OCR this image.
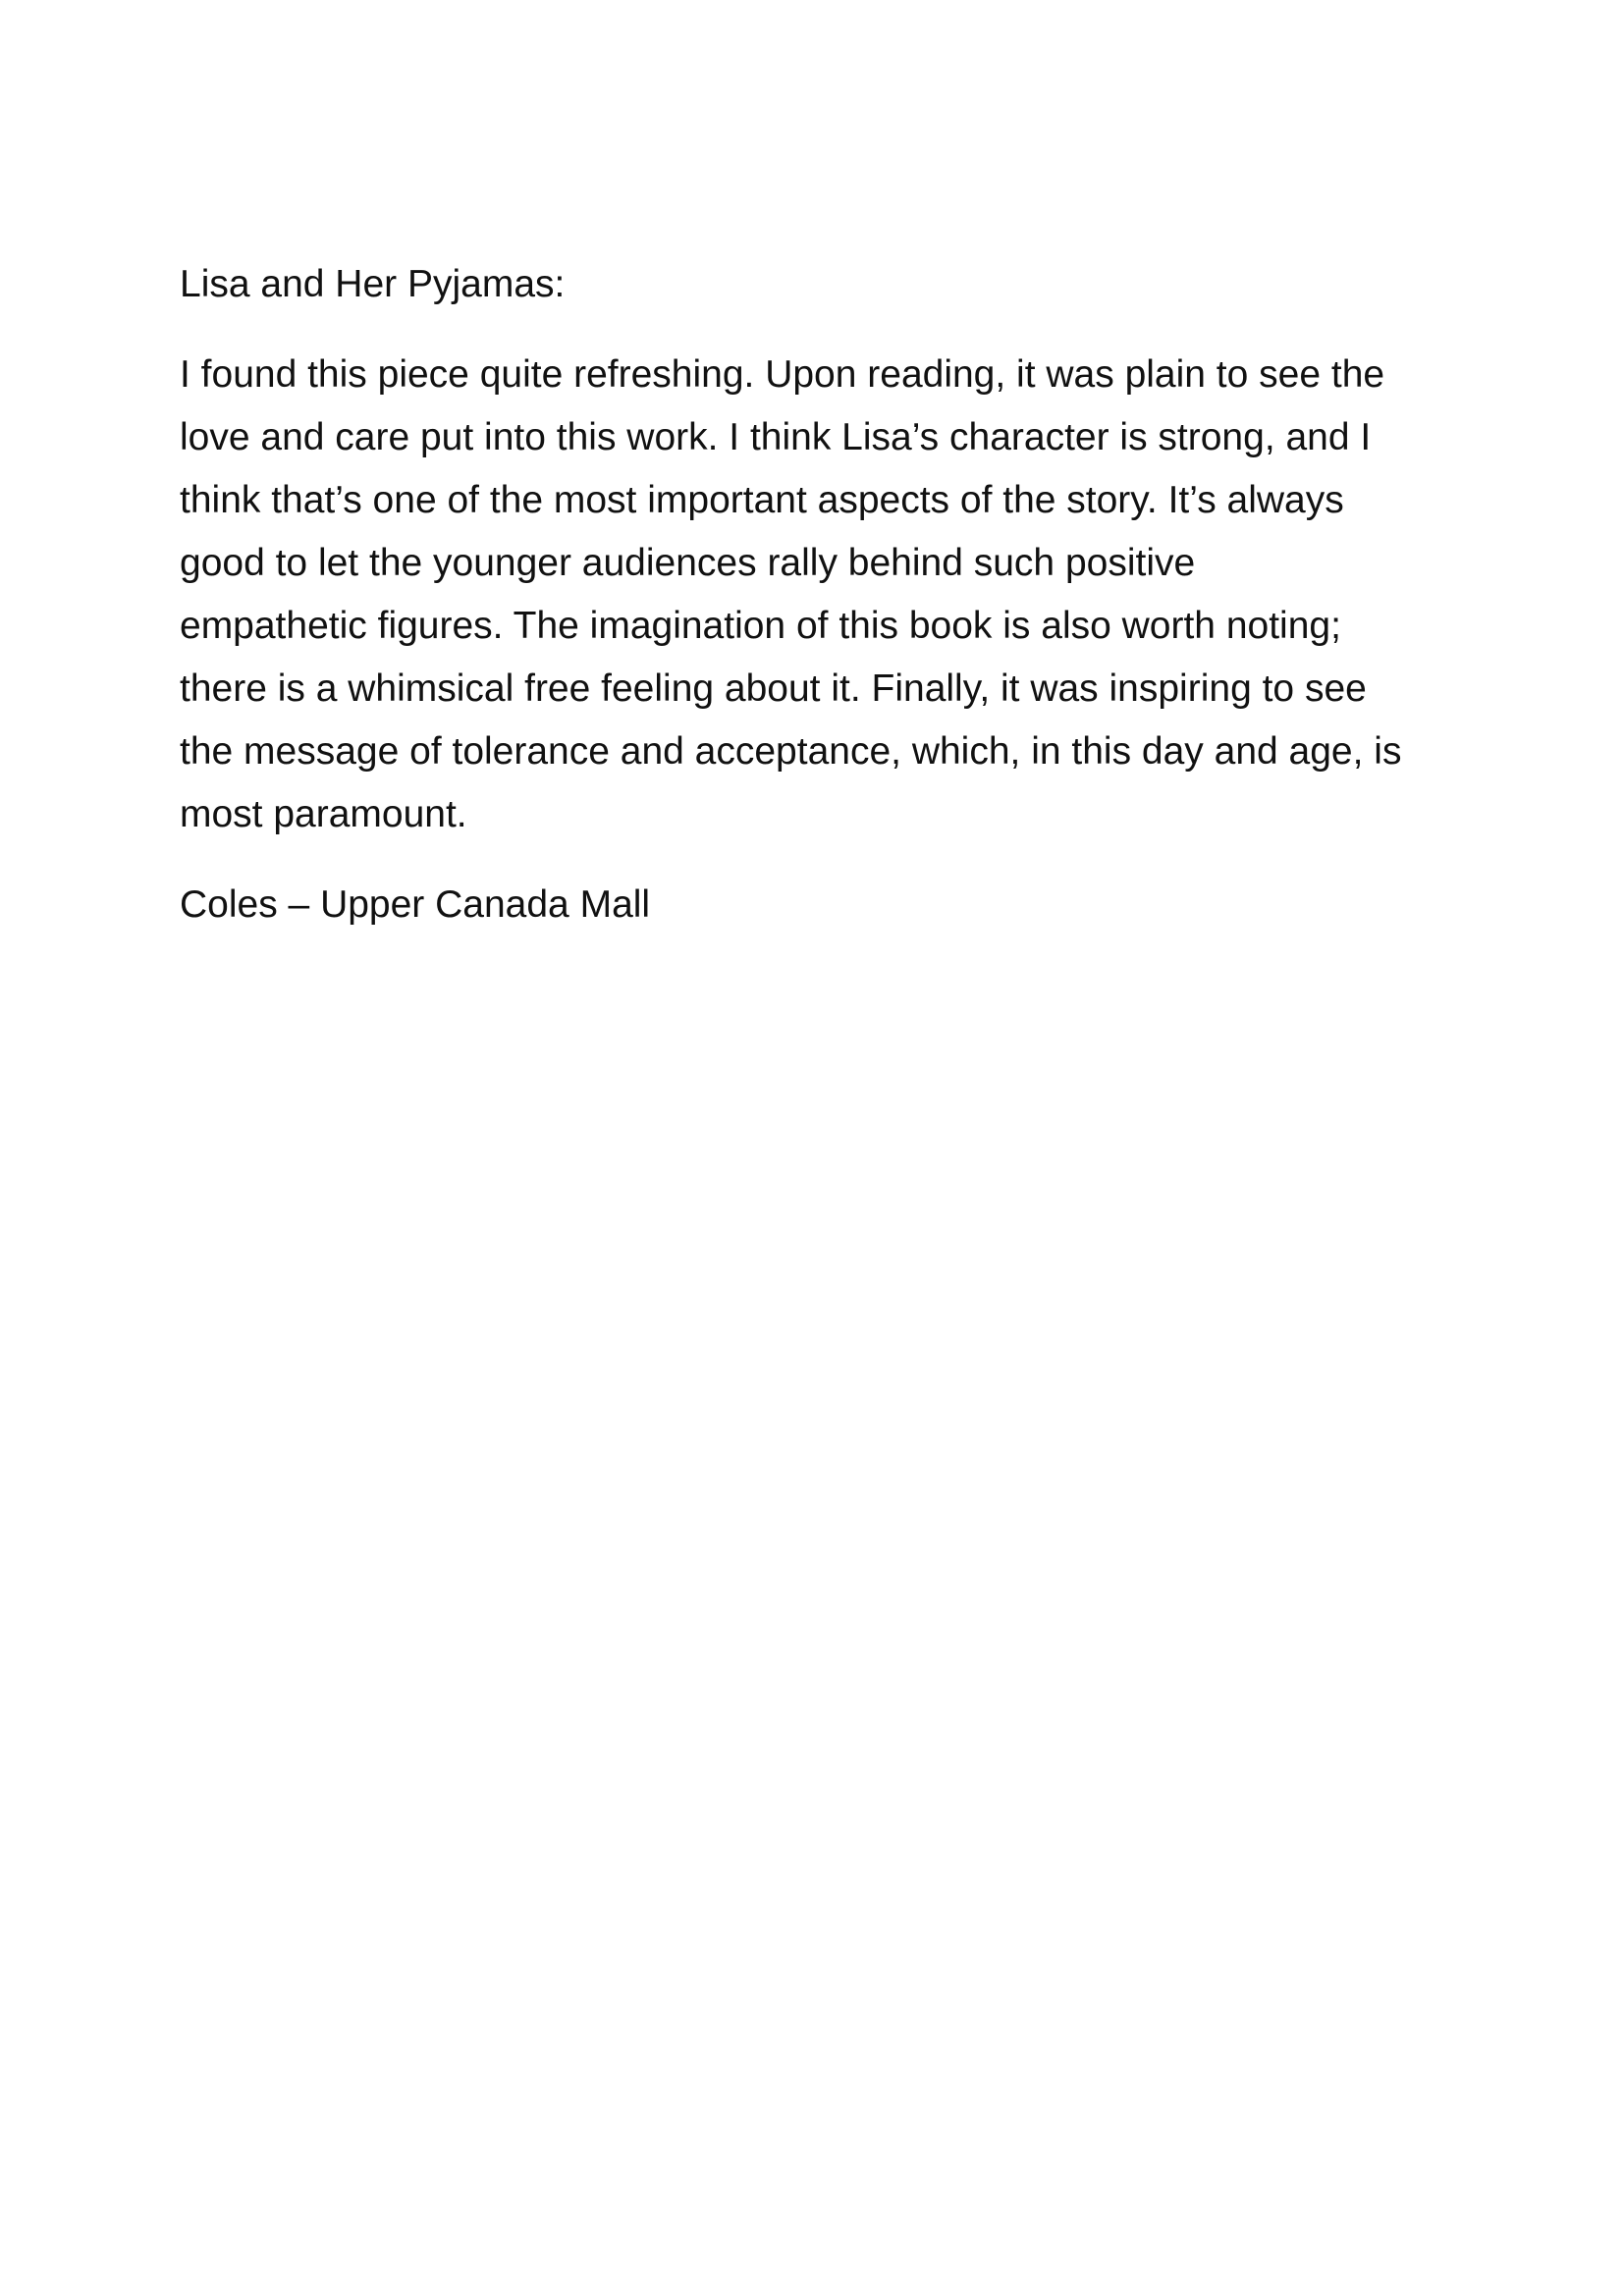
Lisa and Her Pyjamas:

I found this piece quite refreshing. Upon reading, it was plain to see the
love and care put into this work. I think Lisa’s character is strong, and I
think that’s one of the most important aspects of the story. It’s always
good to let the younger audiences rally behind such positive
empathetic figures. The imagination of this book is also worth noting;
there is a whimsical free feeling about it. Finally, it was inspiring to see
the message of tolerance and acceptance, which, in this day and age, is
most paramount.

Coles – Upper Canada Mall
